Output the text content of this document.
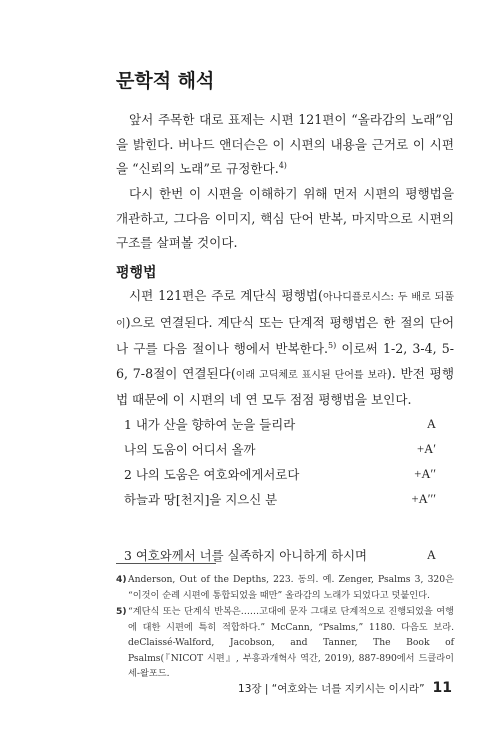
문학적 해석

앞서 주목한 대로 표제는 시편 121편이 “올라감의 노래”임을 밝힌다. 버나드 앤더슨은 이 시편의 내용을 근거로 이 시편을 “신뢰의 노래”로 규정한다.$^{4)}$

다시 한번 이 시편을 이해하기 위해 먼저 시편의 평행법을 개관하고, 그다음 이미지, 핵심 단어 반복, 마지막으로 시편의 구조를 살펴볼 것이다.

평행법

시편 121편은 주로 계단식 평행법(아나디플로시스: 두 배로 되풀이)으로 연결된다. 계단식 또는 단계적 평행법은 한 절의 단어나 구를 다음 절이나 행에서 반복한다.$^{5)}$ 이로써 1-2, 3-4, 5-6, 7-8절이 연결된다(이래 고딕체로 표시된 단어를 보라). 반전 평행법 때문에 이 시편의 네 연 모두 점점 평행법을 보인다.

1 내가 산을 향하여 눈을 들리라	A
나의 도움이 어디서 올까	+A′
2 나의 도움은 여호와에게서로다	+A′′
하늘과 땅[천지]을 지으신 분	+A′′′
3 여호와께서 너를 실족하지 아니하게 하시며	A

4) Anderson, Out of the Depths, 223. 동의. 예. Zenger, Psalms 3, 320은 “이것이 순례 시편에 통합되었을 때만” 올라감의 노래가 되었다고 덧붙인다.

5) “계단식 또는 단계식 반복은……고대에 문자 그대로 단계적으로 진행되었을 여행에 대한 시편에 특히 적합하다.” McCann, “Psalms,” 1180. 다음도 보라. deClaissé-Walford, Jacobson, and Tanner, The Book of Psalms(『NICOT 시편』, 부흥과개혁사 역간, 2019), 887-890에서 드클라이세-왈포드.

13장 | “여호와는 너를 지키시는 이시라” 11
